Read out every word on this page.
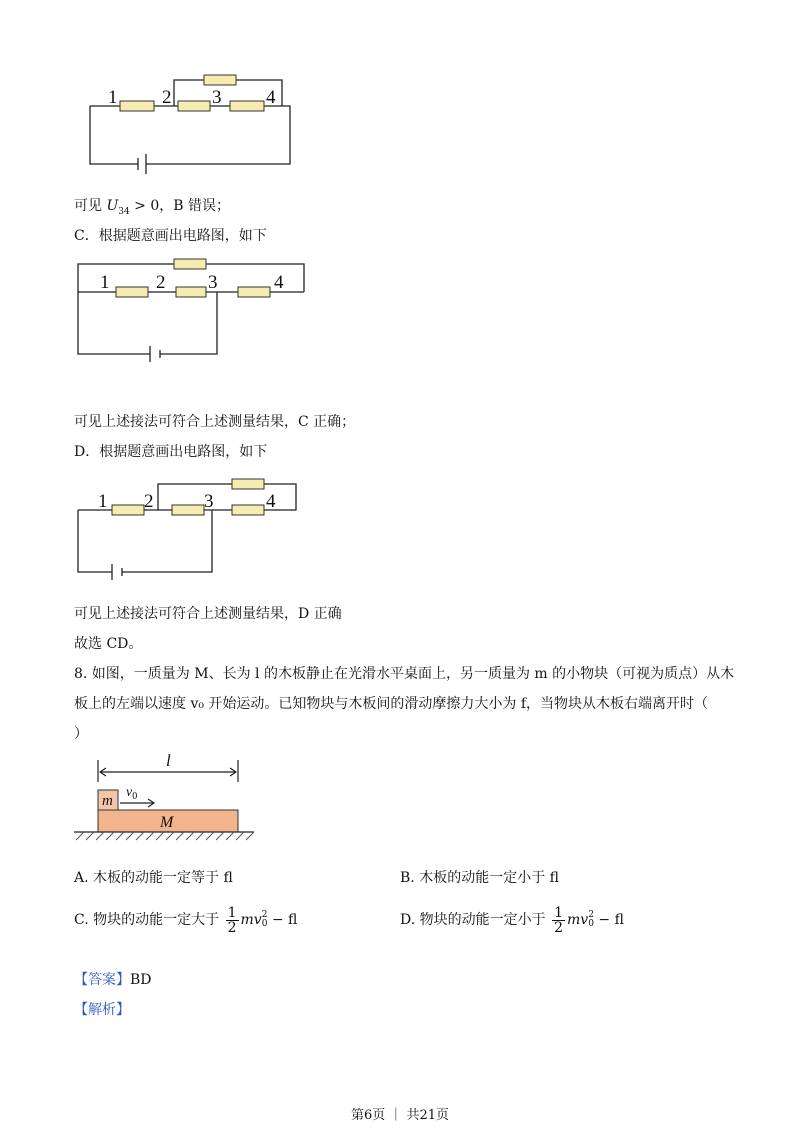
1 2 3 4
可见 $U_{34} > 0$，B 错误；
C．根据题意画出电路图，如下
1 2 3	4
可见上述接法可符合上述测量结果，C 正确；
D．根据题意画出电路图，如下
1 2	3	4
可见上述接法可符合上述测量结果，D 正确
故选 CD。
8. 如图，一质量为 M、长为 l 的木板静止在光滑水平桌面上，另一质量为 m 的小物块（可视为质点）从木
板上的左端以速度 v₀ 开始运动。已知物块与木板间的滑动摩擦力大小为 f，当物块从木板右端离开时（
）
l
m
$v_0$
M
A. 木板的动能一定等于 fl	B. 木板的动能一定小于 fl
C. 物块的动能一定大于 $\frac{1}{2}$ mv 2
0 − fl	D. 物块的动能一定小于 $\frac{1}{2}$ mv 2
0 − fl
【答案】BD
【解析】
第6页 ｜ 共21页
